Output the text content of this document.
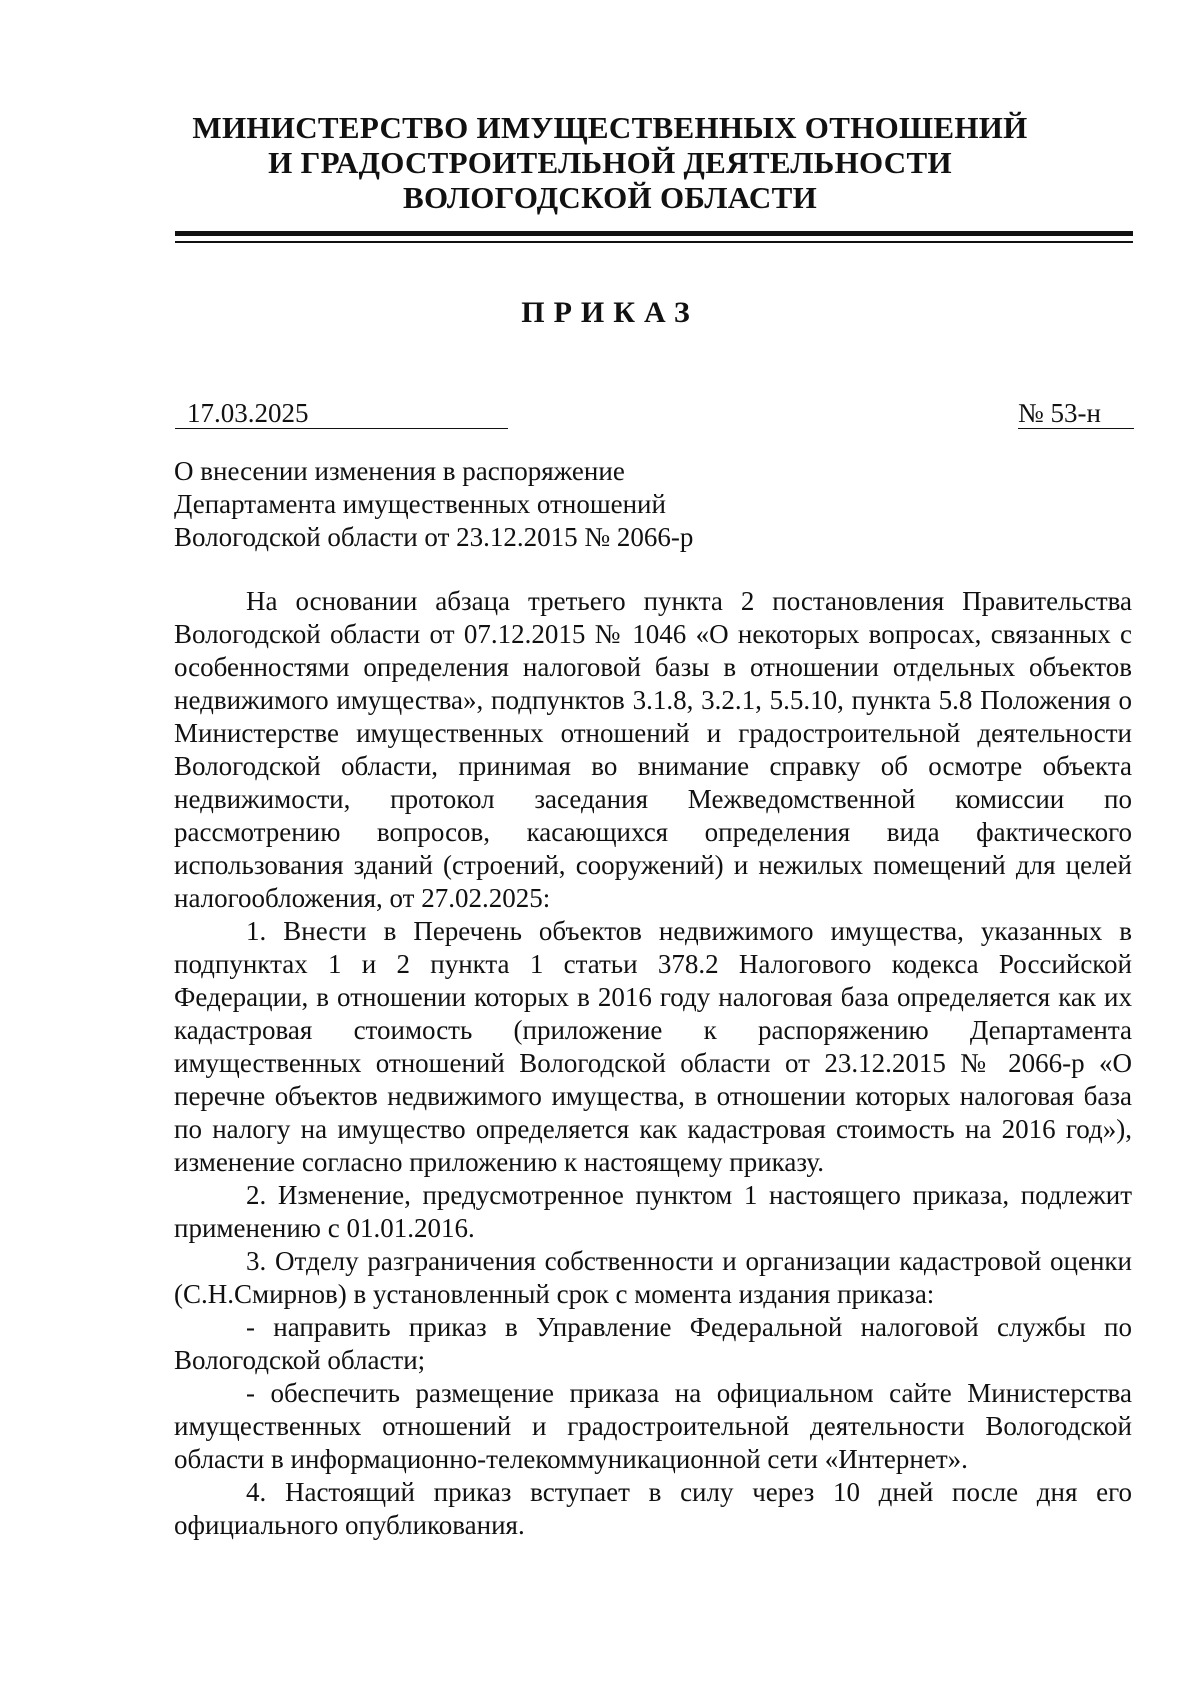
МИНИСТЕРСТВО ИМУЩЕСТВЕННЫХ ОТНОШЕНИЙ
И ГРАДОСТРОИТЕЛЬНОЙ ДЕЯТЕЛЬНОСТИ
ВОЛОГОДСКОЙ ОБЛАСТИ
ПРИКАЗ
17.03.2025	№ 53-н
О внесении изменения в распоряжение
Департамента имущественных отношений
Вологодской области от 23.12.2015 № 2066-р

На основании абзаца третьего пункта 2 постановления Правительства Вологодской области от 07.12.2015 № 1046 «О некоторых вопросах, связанных с особенностями определения налоговой базы в отношении отдельных объектов недвижимого имущества», подпунктов 3.1.8, 3.2.1, 5.5.10, пункта 5.8 Положения о Министерстве имущественных отношений и градостроительной деятельности Вологодской области, принимая во внимание справку об осмотре объекта недвижимости, протокол заседания Межведомственной комиссии по рассмотрению вопросов, касающихся определения вида фактического использования зданий (строений, сооружений) и нежилых помещений для целей налогообложения, от 27.02.2025:

1. Внести в Перечень объектов недвижимого имущества, указанных в подпунктах 1 и 2 пункта 1 статьи 378.2 Налогового кодекса Российской Федерации, в отношении которых в 2016 году налоговая база определяется как их кадастровая стоимость (приложение к распоряжению Департамента имущественных отношений Вологодской области от 23.12.2015 № 2066-р «О перечне объектов недвижимого имущества, в отношении которых налоговая база по налогу на имущество определяется как кадастровая стоимость на 2016 год»), изменение согласно приложению к настоящему приказу.

2. Изменение, предусмотренное пунктом 1 настоящего приказа, подлежит применению с 01.01.2016.

3. Отделу разграничения собственности и организации кадастровой оценки (С.Н.Смирнов) в установленный срок с момента издания приказа:

- направить приказ в Управление Федеральной налоговой службы по Вологодской области;

- обеспечить размещение приказа на официальном сайте Министерства имущественных отношений и градостроительной деятельности Вологодской области в информационно-телекоммуникационной сети «Интернет».

4. Настоящий приказ вступает в силу через 10 дней после дня его официального опубликования.
